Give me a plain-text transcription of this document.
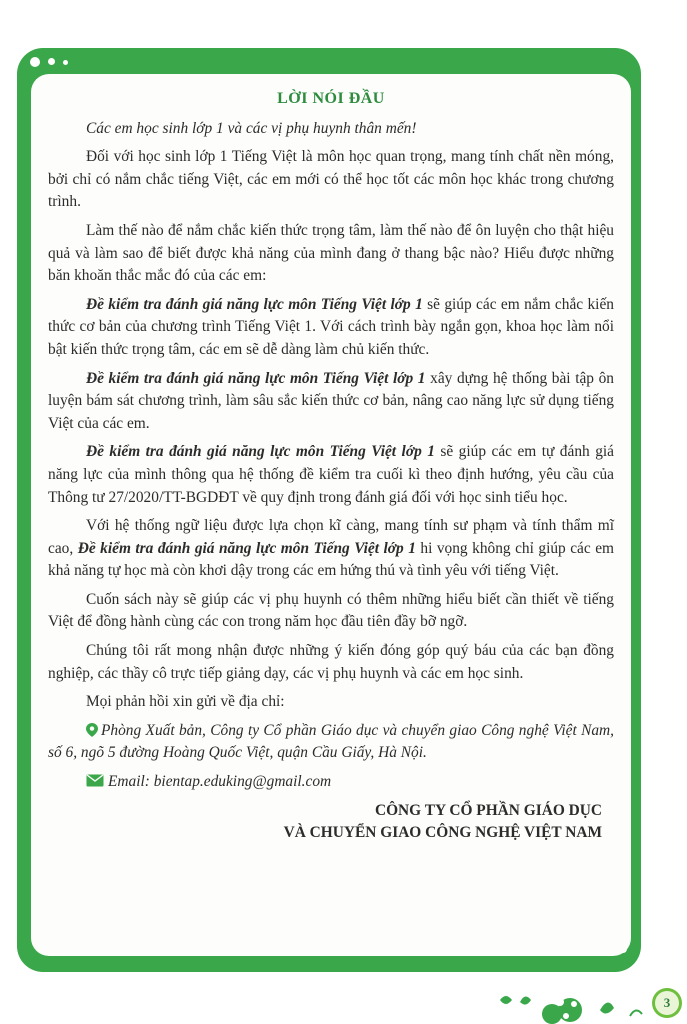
LỜI NÓI ĐẦU
Các em học sinh lớp 1 và các vị phụ huynh thân mến!

Đối với học sinh lớp 1 Tiếng Việt là môn học quan trọng, mang tính chất nền móng, bởi chỉ có nắm chắc tiếng Việt, các em mới có thể học tốt các môn học khác trong chương trình.

Làm thế nào để nắm chắc kiến thức trọng tâm, làm thế nào để ôn luyện cho thật hiệu quả và làm sao để biết được khả năng của mình đang ở thang bậc nào? Hiểu được những băn khoăn thắc mắc đó của các em:

Đề kiểm tra đánh giá năng lực môn Tiếng Việt lớp 1 sẽ giúp các em nắm chắc kiến thức cơ bản của chương trình Tiếng Việt 1. Với cách trình bày ngắn gọn, khoa học làm nổi bật kiến thức trọng tâm, các em sẽ dễ dàng làm chủ kiến thức.

Đề kiểm tra đánh giá năng lực môn Tiếng Việt lớp 1 xây dựng hệ thống bài tập ôn luyện bám sát chương trình, làm sâu sắc kiến thức cơ bản, nâng cao năng lực sử dụng tiếng Việt của các em.

Đề kiểm tra đánh giá năng lực môn Tiếng Việt lớp 1 sẽ giúp các em tự đánh giá năng lực của mình thông qua hệ thống đề kiểm tra cuối kì theo định hướng, yêu cầu của Thông tư 27/2020/TT-BGDĐT về quy định trong đánh giá đối với học sinh tiểu học.

Với hệ thống ngữ liệu được lựa chọn kĩ càng, mang tính sư phạm và tính thẩm mĩ cao, Đề kiểm tra đánh giá năng lực môn Tiếng Việt lớp 1 hi vọng không chỉ giúp các em khả năng tự học mà còn khơi dậy trong các em hứng thú và tình yêu với tiếng Việt.

Cuốn sách này sẽ giúp các vị phụ huynh có thêm những hiểu biết cần thiết về tiếng Việt để đồng hành cùng các con trong năm học đầu tiên đầy bỡ ngỡ.

Chúng tôi rất mong nhận được những ý kiến đóng góp quý báu của các bạn đồng nghiệp, các thầy cô trực tiếp giảng dạy, các vị phụ huynh và các em học sinh.

Mọi phản hồi xin gửi về địa chỉ:

Phòng Xuất bản, Công ty Cổ phần Giáo dục và chuyển giao Công nghệ Việt Nam, số 6, ngõ 5 đường Hoàng Quốc Việt, quận Cầu Giấy, Hà Nội.
Email: bientap.eduking@gmail.com
CÔNG TY CỔ PHẦN GIÁO DỤC
VÀ CHUYỂN GIAO CÔNG NGHỆ VIỆT NAM
3
